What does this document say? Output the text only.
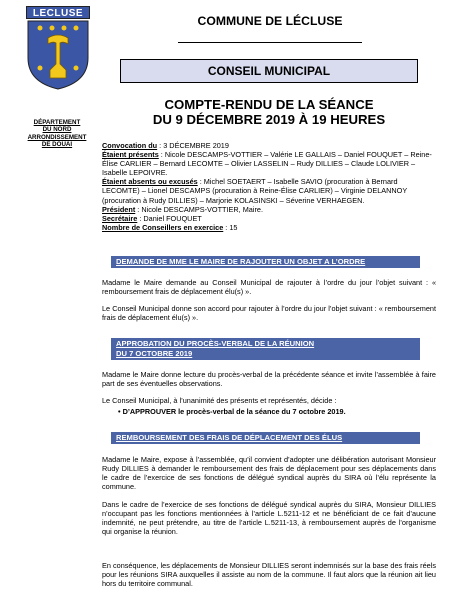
LECLUSE
DÉPARTEMENT
DU NORD
ARRONDISSEMENT
DE DOUAI
COMMUNE DE LÉCLUSE
CONSEIL MUNICIPAL
COMPTE-RENDU DE LA SÉANCE
DU 9 DÉCEMBRE 2019 À 19 HEURES

Convocation du : 3 DÉCEMBRE 2019

Étaient présents : Nicole DESCAMPS-VOTTIER – Valérie LE GALLAIS – Daniel FOUQUET – Reine-Élise CARLIER – Bernard LECOMTE – Olivier LASSELIN – Rudy DILLIES – Claude LOLIVIER – Isabelle LEPOIVRE.

Étaient absents ou excusés : Michel SOETAERT – Isabelle SAVIO (procuration à Bernard LECOMTE) – Lionel DESCAMPS (procuration à Reine-Élise CARLIER) – Virginie DELANNOY (procuration à Rudy DILLIES) – Marjorie KOLASINSKI – Séverine VERHAEGEN.

Président : Nicole DESCAMPS-VOTTIER, Maire.

Secrétaire : Daniel FOUQUET

Nombre de Conseillers en exercice : 15

DEMANDE DE MME LE MAIRE DE RAJOUTER UN OBJET A L’ORDRE

Madame le Maire demande au Conseil Municipal de rajouter à l’ordre du jour l’objet suivant : « remboursement frais de déplacement élu(s) ».

Le Conseil Municipal donne son accord pour rajouter à l’ordre du jour l’objet suivant : « remboursement frais de déplacement élu(s) ».

APPROBATION DU PROCÈS-VERBAL DE LA RÉUNION
DU 7 OCTOBRE 2019

Madame le Maire donne lecture du procès-verbal de la précédente séance et invite l’assemblée à faire part de ses éventuelles observations.

Le Conseil Municipal, à l’unanimité des présents et représentés, décide :

• D’APPROUVER le procès-verbal de la séance du 7 octobre 2019.
REMBOURSEMENT DES FRAIS DE DÉPLACEMENT DES ÉLUS

Madame le Maire, expose à l’assemblée, qu’il convient d’adopter une délibération autorisant Monsieur Rudy DILLIES à demander le remboursement des frais de déplacement pour ses déplacements dans le cadre de l’exercice de ses fonctions de délégué syndical auprès du SIRA où l’élu représente la commune.

Dans le cadre de l’exercice de ses fonctions de délégué syndical auprès du SIRA, Monsieur DILLIES n’occupant pas les fonctions mentionnées à l’article L.5211-12 et ne bénéficiant de ce fait d’aucune indemnité, ne peut prétendre, au titre de l’article L.5211-13, à remboursement auprès de l’organisme qui organise la réunion.

En conséquence, les déplacements de Monsieur DILLIES seront indemnisés sur la base des frais réels pour les réunions SIRA auxquelles il assiste au nom de la commune. Il faut alors que la réunion ait lieu hors du territoire communal.
